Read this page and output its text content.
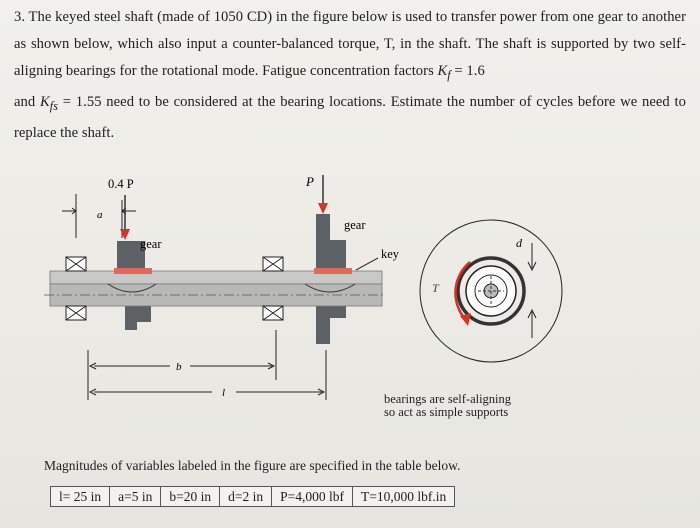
3. The keyed steel shaft (made of 1050 CD) in the figure below is used to transfer power from one gear to another as shown below, which also input a counter-balanced torque, T, in the shaft. The shaft is supported by two self-aligning bearings for the rotational mode. Fatigue concentration factors $K_f = 1.6$
and $K_{fs} = 1.55$ need to be considered at the bearing locations. Estimate the number of cycles before we need to replace the shaft.

a
gear
gear
0.4 P	P
key
b
l
T
d
bearings are self-aligning
so act as simple supports
Magnitudes of variables labeled in the figure are specified in the table below.
l= 25 in	a=5 in	b=20 in	d=2 in	P=4,000 lbf	T=10,000 lbf.in
